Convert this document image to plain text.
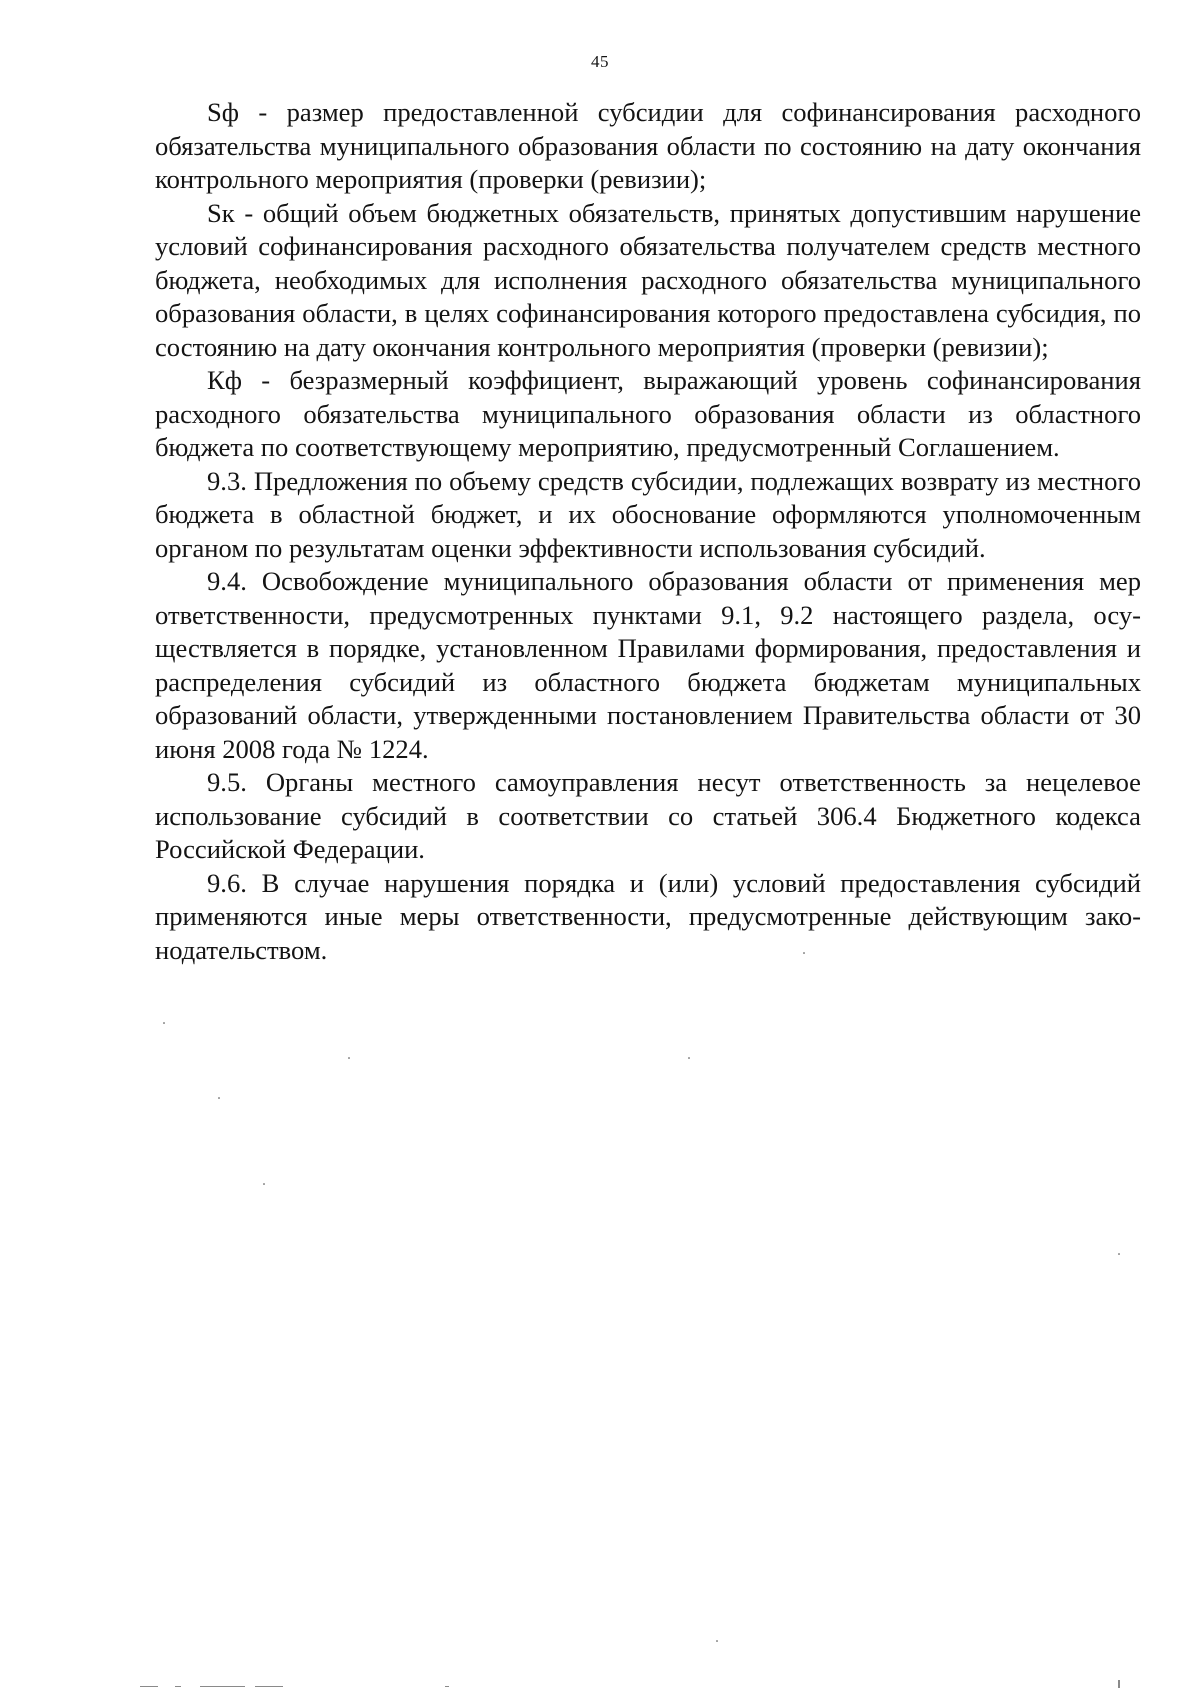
45

Sф - размер предоставленной субсидии для софинансирования расходного обязательства муниципального образования области по состоянию на дату окончания контрольного мероприятия (проверки (ревизии);

Sк - общий объем бюджетных обязательств, принятых допустившим нарушение условий софинансирования расходного обязательства получателем средств местного бюджета, необходимых для исполнения расходного обязательства муниципального образования области, в целях софинансирования которого предоставлена субсидия, по состоянию на дату окончания контрольного мероприятия (проверки (ревизии);

Кф - безразмерный коэффициент, выражающий уровень софинансирования расходного обязательства муниципального образования области из областного бюджета по соответствующему мероприятию, предусмотренный Соглашением.

9.3. Предложения по объему средств субсидии, подлежащих возврату из местного бюджета в областной бюджет, и их обоснование оформляются уполномоченным органом по результатам оценки эффективности использования субсидий.

9.4. Освобождение муниципального образования области от применения мер ответственности, предусмотренных пунктами 9.1, 9.2 настоящего раздела, осуществляется в порядке, установленном Правилами формирования, предоставления и распределения субсидий из областного бюджета бюджетам муниципальных образований области, утвержденными постановлением Правительства области от 30 июня 2008 года № 1224.

9.5. Органы местного самоуправления несут ответственность за нецелевое использование субсидий в соответствии со статьей 306.4 Бюджетного кодекса Российской Федерации.

9.6. В случае нарушения порядка и (или) условий предоставления субсидий применяются иные меры ответственности, предусмотренные действующим законодательством.
